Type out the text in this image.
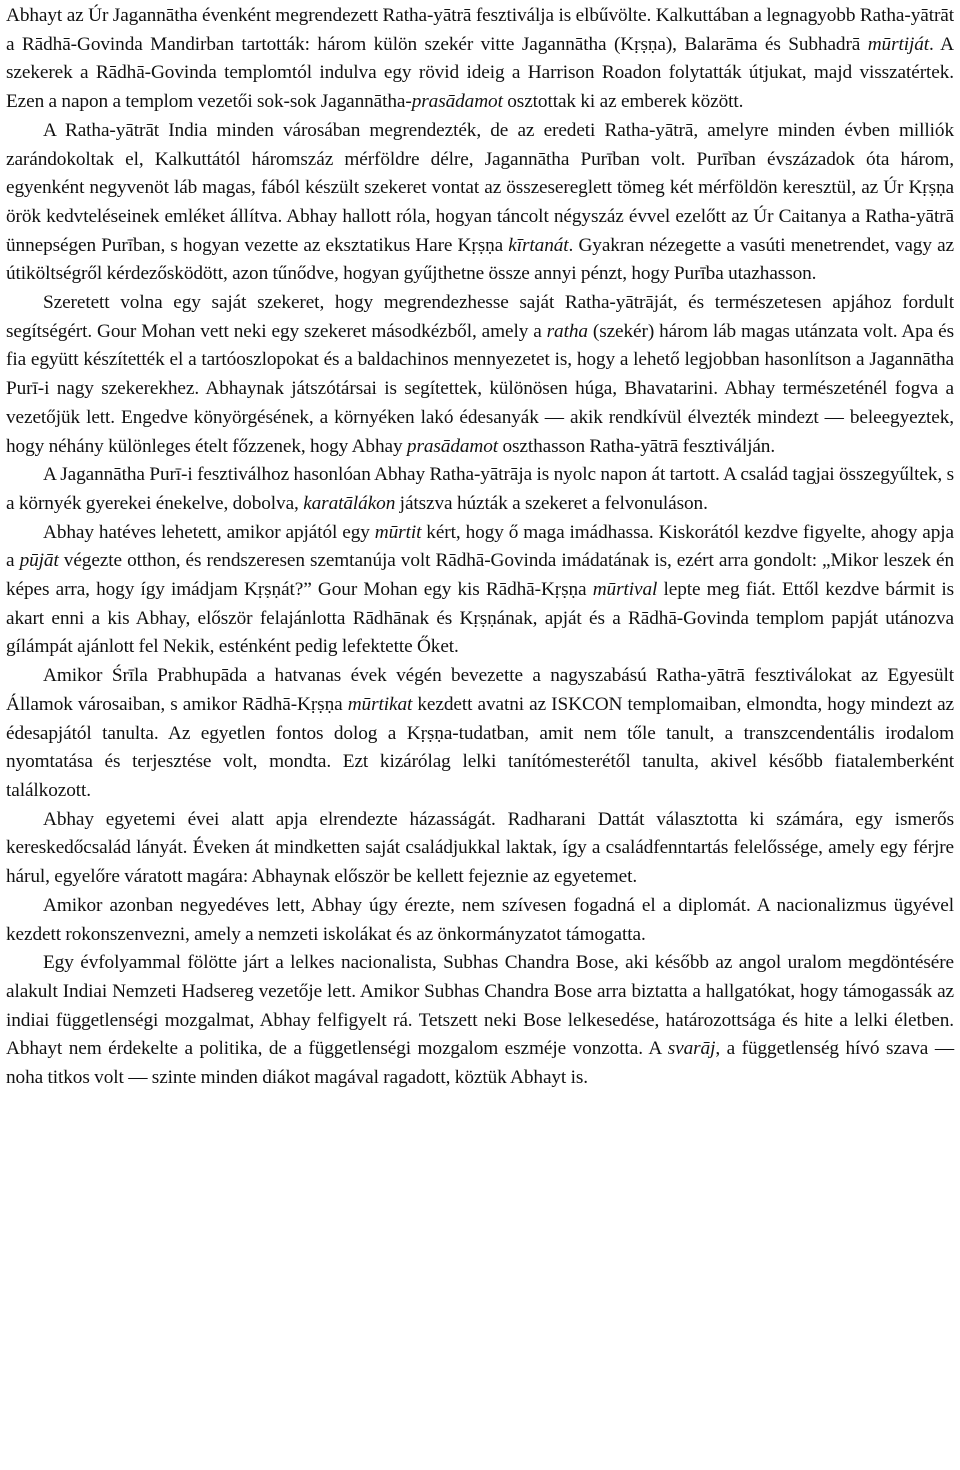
Abhayt az Úr Jagannātha évenként megrendezett Ratha-yātrā fesztiválja is elbűvölte. Kalkuttában a legnagyobb Ratha-yātrāt a Rādhā-Govinda Mandirban tartották: három külön szekér vitte Jagannātha (Kṛṣṇa), Balarāma és Subhadrā mūrtiját. A szekerek a Rādhā-Govinda templomtól indulva egy rövid ideig a Harrison Roadon folytatták útjukat, majd visszatértek. Ezen a napon a templom vezetői sok-sok Jagannātha-prasādamot osztottak ki az emberek között.

A Ratha-yātrāt India minden városában megrendezték, de az eredeti Ratha-yātrā, amelyre minden évben milliók zarándokoltak el, Kalkuttától háromszáz mérföldre délre, Jagannātha Purīban volt. Purīban évszázadok óta három, egyenként negyvenöt láb magas, fából készült szekeret vontat az összesereglett tömeg két mérföldön keresztül, az Úr Kṛṣṇa örök kedvteléseinek emléket állítva. Abhay hallott róla, hogyan táncolt négyszáz évvel ezelőtt az Úr Caitanya a Ratha-yātrā ünnepségen Purīban, s hogyan vezette az eksztatikus Hare Kṛṣṇa kīrtanát. Gyakran nézegette a vasúti menetrendet, vagy az útiköltségről kérdezősködött, azon tűnődve, hogyan gyűjthetne össze annyi pénzt, hogy Purība utazhasson.

Szeretett volna egy saját szekeret, hogy megrendezhesse saját Ratha-yātrāját, és természetesen apjához fordult segítségért. Gour Mohan vett neki egy szekeret másodkézből, amely a ratha (szekér) három láb magas utánzata volt. Apa és fia együtt készítették el a tartóoszlopokat és a baldachinos mennyezetet is, hogy a lehető legjobban hasonlítson a Jagannātha Purī-i nagy szekerekhez. Abhaynak játszótársai is segítettek, különösen húga, Bhavatarini. Abhay természeténél fogva a vezetőjük lett. Engedve könyörgésének, a környéken lakó édesanyák — akik rendkívül élvezték mindezt — beleegyeztek, hogy néhány különleges ételt főzzenek, hogy Abhay prasādamot oszthasson Ratha-yātrā fesztiválján.

A Jagannātha Purī-i fesztiválhoz hasonlóan Abhay Ratha-yātrāja is nyolc napon át tartott. A család tagjai összegyűltek, s a környék gyerekei énekelve, dobolva, karatālákon játszva húzták a szekeret a felvonuláson.

Abhay hatéves lehetett, amikor apjától egy mūrtit kért, hogy ő maga imádhassa. Kiskorától kezdve figyelte, ahogy apja a pūjāt végezte otthon, és rendszeresen szemtanúja volt Rādhā-Govinda imádatának is, ezért arra gondolt: „Mikor leszek én képes arra, hogy így imádjam Kṛṣṇát?” Gour Mohan egy kis Rādhā-Kṛṣṇa mūrtival lepte meg fiát. Ettől kezdve bármit is akart enni a kis Abhay, először felajánlotta Rādhānak és Kṛṣṇának, apját és a Rādhā-Govinda templom papját utánozva gílámpát ajánlott fel Nekik, esténként pedig lefektette Őket.

Amikor Śrīla Prabhupāda a hatvanas évek végén bevezette a nagyszabású Ratha-yātrā fesztiválokat az Egyesült Államok városaiban, s amikor Rādhā-Kṛṣṇa mūrtikat kezdett avatni az ISKCON templomaiban, elmondta, hogy mindezt az édesapjától tanulta. Az egyetlen fontos dolog a Kṛṣṇa-tudatban, amit nem tőle tanult, a transzcendentális irodalom nyomtatása és terjesztése volt, mondta. Ezt kizárólag lelki tanítómesterétől tanulta, akivel később fiatalemberként találkozott.

Abhay egyetemi évei alatt apja elrendezte házasságát. Radharani Dattát választotta ki számára, egy ismerős kereskedőcsalád lányát. Éveken át mindketten saját családjukkal laktak, így a családfenntartás felelőssége, amely egy férjre hárul, egyelőre váratott magára: Abhaynak először be kellett fejeznie az egyetemet.

Amikor azonban negyedéves lett, Abhay úgy érezte, nem szívesen fogadná el a diplomát. A nacionalizmus ügyével kezdett rokonszenvezni, amely a nemzeti iskolákat és az önkormányzatot támogatta.

Egy évfolyammal fölötte járt a lelkes nacionalista, Subhas Chandra Bose, aki később az angol uralom megdöntésére alakult Indiai Nemzeti Hadsereg vezetője lett. Amikor Subhas Chandra Bose arra biztatta a hallgatókat, hogy támogassák az indiai függetlenségi mozgalmat, Abhay felfigyelt rá. Tetszett neki Bose lelkesedése, határozottsága és hite a lelki életben. Abhayt nem érdekelte a politika, de a függetlenségi mozgalom eszméje vonzotta. A svarāj, a függetlenség hívó szava — noha titkos volt — szinte minden diákot magával ragadott, köztük Abhayt is.
